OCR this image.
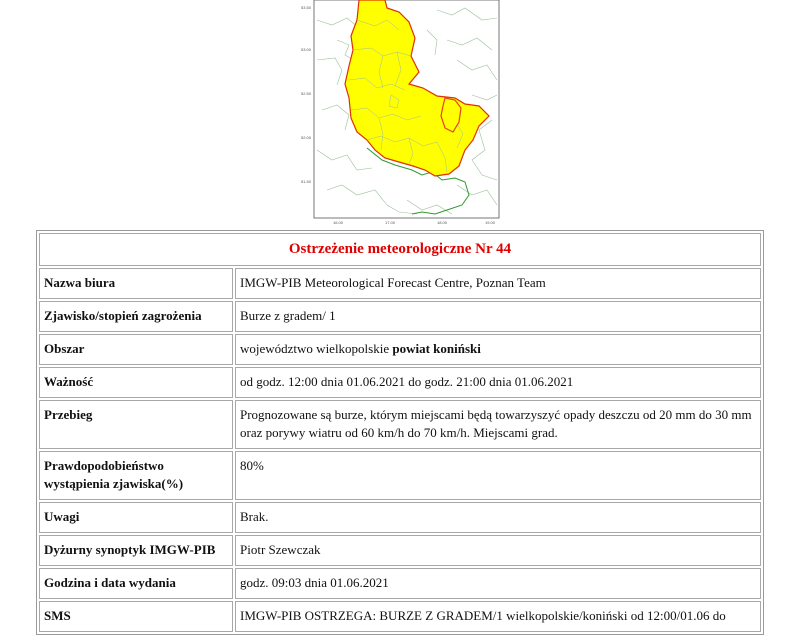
53.50
53.00
52.50
52.00
51.50
16.00	17.00	18.00	19.00
Ostrzeżenie meteorologiczne Nr 44	
Nazwa biura	IMGW-PIB Meteorological Forecast Centre, Poznan Team
Zjawisko/stopień zagrożenia	Burze z gradem/ 1
Obszar	województwo wielkopolskie powiat koniński
Ważność	od godz. 12:00 dnia 01.06.2021 do godz. 21:00 dnia 01.06.2021
Przebieg	Prognozowane są burze, którym miejscami będą towarzyszyć opady deszczu od 20 mm do 30 mm oraz porywy wiatru od 60 km/h do 70 km/h. Miejscami grad.
Prawdopodobieństwo wystąpienia zjawiska(%)	80%
Uwagi	Brak.
Dyżurny synoptyk IMGW-PIB	Piotr Szewczak
Godzina i data wydania	godz. 09:03 dnia 01.06.2021
SMS	IMGW-PIB OSTRZEGA: BURZE Z GRADEM/1 wielkopolskie/koniński od 12:00/01.06 do
